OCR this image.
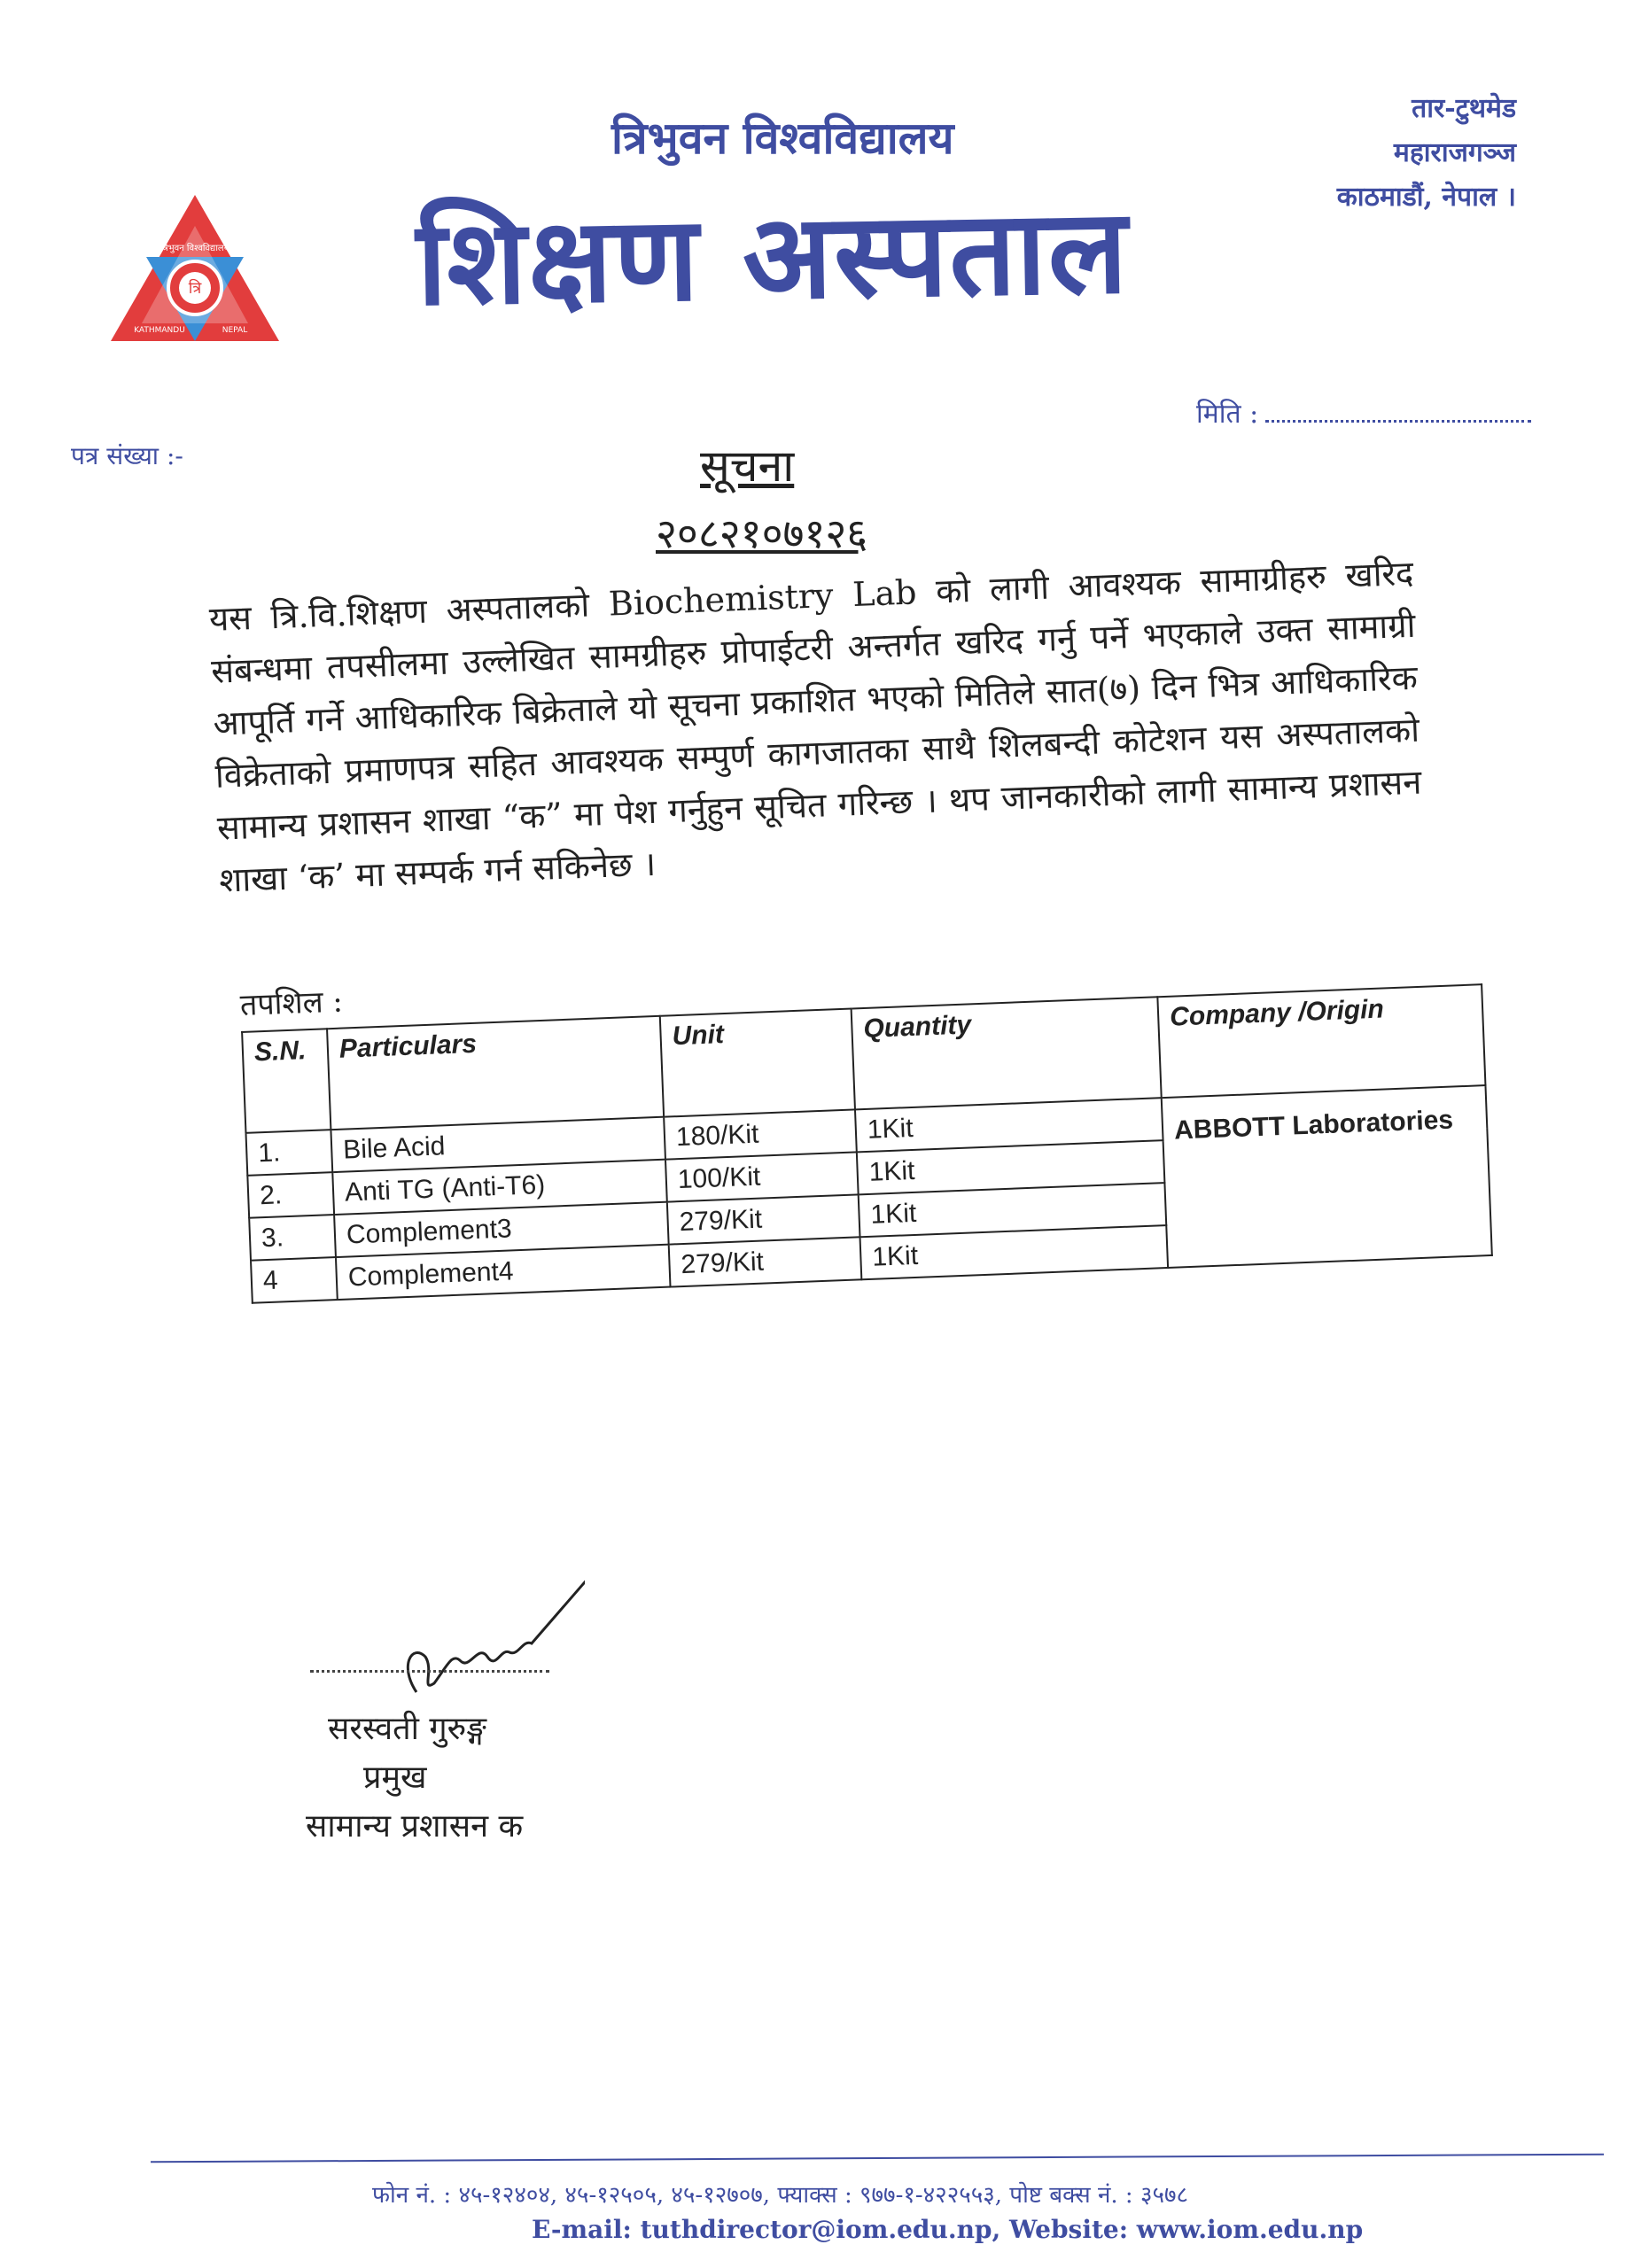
त्रि
त्रिभुवन विश्वविद्यालय
KATHMANDU	NEPAL
त्रिभुवन विश्वविद्यालय
शिक्षण अस्पताल
तार-टुथमेड
महाराजगञ्ज
काठमाडौं, नेपाल ।
मिति :
पत्र संख्या :-	सूचना
२०८२१०७१२६

यस त्रि.वि.शिक्षण अस्पतालको Biochemistry Lab को लागी आवश्यक सामाग्रीहरु खरिद संबन्धमा तपसीलमा उल्लेखित सामग्रीहरु प्रोपाईटरी अन्तर्गत खरिद गर्नु पर्ने भएकाले उक्त सामाग्री आपूर्ति गर्ने आधिकारिक बिक्रेताले यो सूचना प्रकाशित भएको मितिले सात(७) दिन भित्र आधिकारिक विक्रेताको प्रमाणपत्र सहित आवश्यक सम्पुर्ण कागजातका साथै शिलबन्दी कोटेशन यस अस्पतालको सामान्य प्रशासन शाखा “क” मा पेश गर्नुहुन सूचित गरिन्छ । थप जानकारीको लागी सामान्य प्रशासन शाखा ‘क’ मा सम्पर्क गर्न सकिनेछ ।

तपशिल :
S.N.	Particulars	Unit	Quantity	Company /Origin
1.	Bile Acid	180/Kit	1Kit	ABBOTT Laboratories
2.	Anti TG (Anti-T6)	100/Kit	1Kit	
3.	Complement3	279/Kit	1Kit	
4	Complement4	279/Kit	1Kit	
सरस्वती गुरुङ्ग
प्रमुख
सामान्य प्रशासन क
फोन नं. : ४५-१२४०४, ४५-१२५०५, ४५-१२७०७, फ्याक्स : ९७७-१-४२२५५३, पोष्ट बक्स नं. : ३५७८
E-mail: tuthdirector@iom.edu.np, Website: www.iom.edu.np
